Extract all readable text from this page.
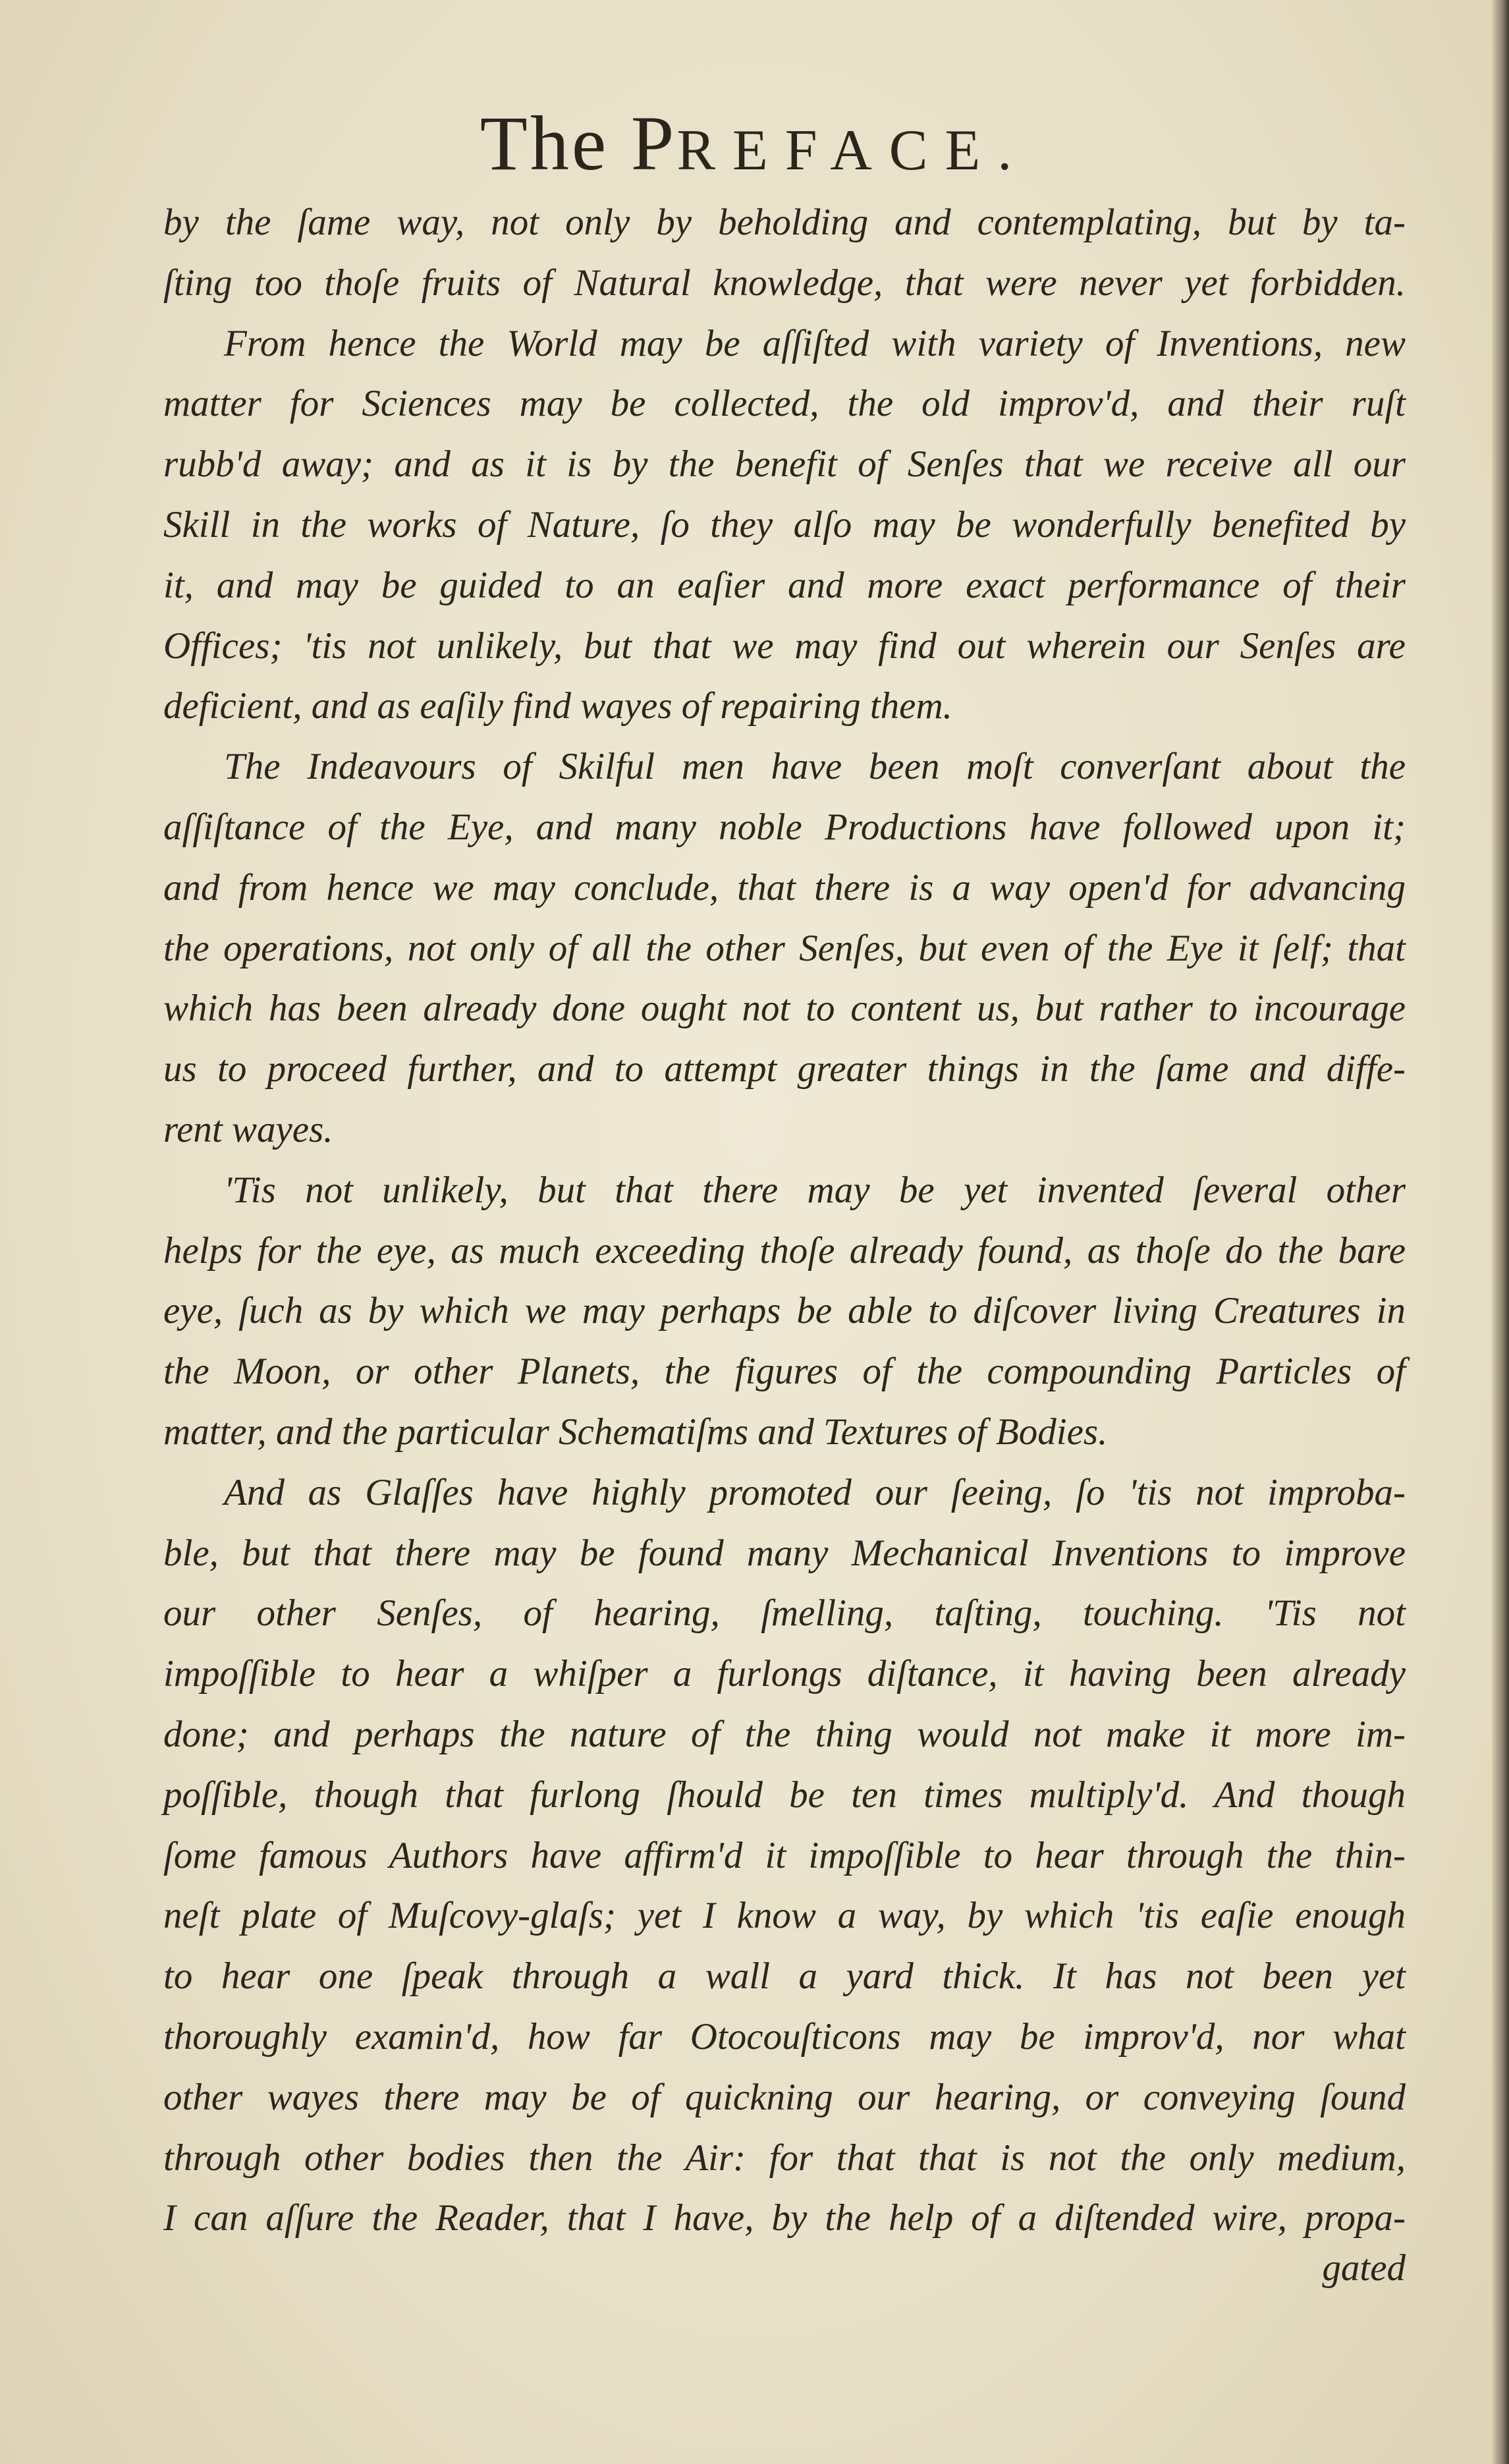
The PREFACE.
by the ſame way, not only by beholding and contemplating, but by ta-
ſting too thoſe fruits of Natural knowledge, that were never yet forbidden.
From hence the World may be aſſiſted with variety of Inventions, new
matter for Sciences may be collected, the old improv'd, and their ruſt
rubb'd away; and as it is by the benefit of Senſes that we receive all our
Skill in the works of Nature, ſo they alſo may be wonderfully benefited by
it, and may be guided to an eaſier and more exact performance of their
Offices; 'tis not unlikely, but that we may find out wherein our Senſes are
deficient, and as eaſily find wayes of repairing them.
The Indeavours of Skilful men have been moſt converſant about the
aſſiſtance of the Eye, and many noble Productions have followed upon it;
and from hence we may conclude, that there is a way open'd for advancing
the operations, not only of all the other Senſes, but even of the Eye it ſelf; that
which has been already done ought not to content us, but rather to incourage
us to proceed further, and to attempt greater things in the ſame and diffe-
rent wayes.
'Tis not unlikely, but that there may be yet invented ſeveral other
helps for the eye, as much exceeding thoſe already found, as thoſe do the bare
eye, ſuch as by which we may perhaps be able to diſcover living Creatures in
the Moon, or other Planets, the figures of the compounding Particles of
matter, and the particular Schematiſms and Textures of Bodies.
And as Glaſſes have highly promoted our ſeeing, ſo 'tis not improba-
ble, but that there may be found many Mechanical Inventions to improve
our other Senſes, of hearing, ſmelling, taſting, touching. 'Tis not
impoſſible to hear a whiſper a furlongs diſtance, it having been already
done; and perhaps the nature of the thing would not make it more im-
poſſible, though that furlong ſhould be ten times multiply'd. And though
ſome famous Authors have affirm'd it impoſſible to hear through the thin-
neſt plate of Muſcovy-glaſs; yet I know a way, by which 'tis eaſie enough
to hear one ſpeak through a wall a yard thick. It has not been yet
thoroughly examin'd, how far Otocouſticons may be improv'd, nor what
other wayes there may be of quickning our hearing, or conveying ſound
through other bodies then the Air: for that that is not the only medium,
I can aſſure the Reader, that I have, by the help of a diſtended wire, propa-
gated
